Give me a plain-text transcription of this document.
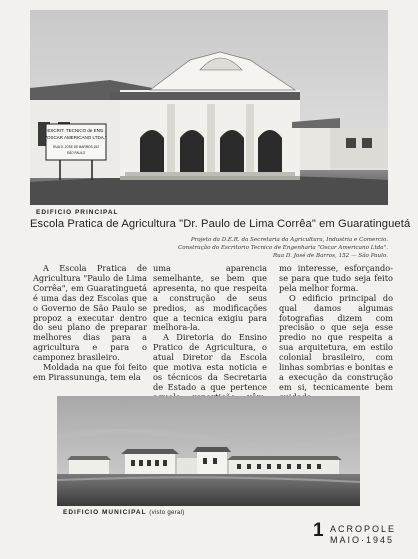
ESCRIT. TECNICO de ENG.
"OSCAR AMERICANO LTDA."
RUA D. JOSE DE BARROS,152
SÃO PAULO
EDIFICIO PRINCIPAL
Escola Pratica de Agricultura "Dr. Paulo de Lima Corrêa" em Guaratinguetá
Projeto da D.E.R. da Secretaria da Agricultura, Industria e Comercio.
Construção do Escritorio Tecnico de Engenharia "Oscar Americano Ltda".
Rua D. José de Barros, 152 — São Paulo.

A Escola Pratica de Agricultura "Paulo de Lima Corrêa", em Guaratinguetá é uma das dez Escolas que o Governo de São Paulo se propoz a executar dentro do seu plano de preparar melhores dias para a agricultura e para o camponez brasileiro.

Moldada na que foi feito em Pirassununga, tem ela

uma aparencia semelhante, se bem que apresenta, no que respeita a construção de seus predios, as modificações que a tecnica exigiu para melhora-la.

A Diretoria do Ensino Pratico de Agricultura, o atual Diretor da Escola que motiva esta noticia e os técnicos da Secretaria de Estado a que pertence

mo interesse, esforçando-se para que tudo seja feito pela melhor forma.

O edificio principal do qual damos algumas fotografias dizem com precisão o que seja esse predio no que respeita a sua arquitetura, em estilo colonial brasileiro, com linhas sombrias e bonitas e a execução da construção em si, tecnicamente bem

EDIFICIO MUNICIPAL (visto geral)
1 ACROPOLE
MAIO·1945
